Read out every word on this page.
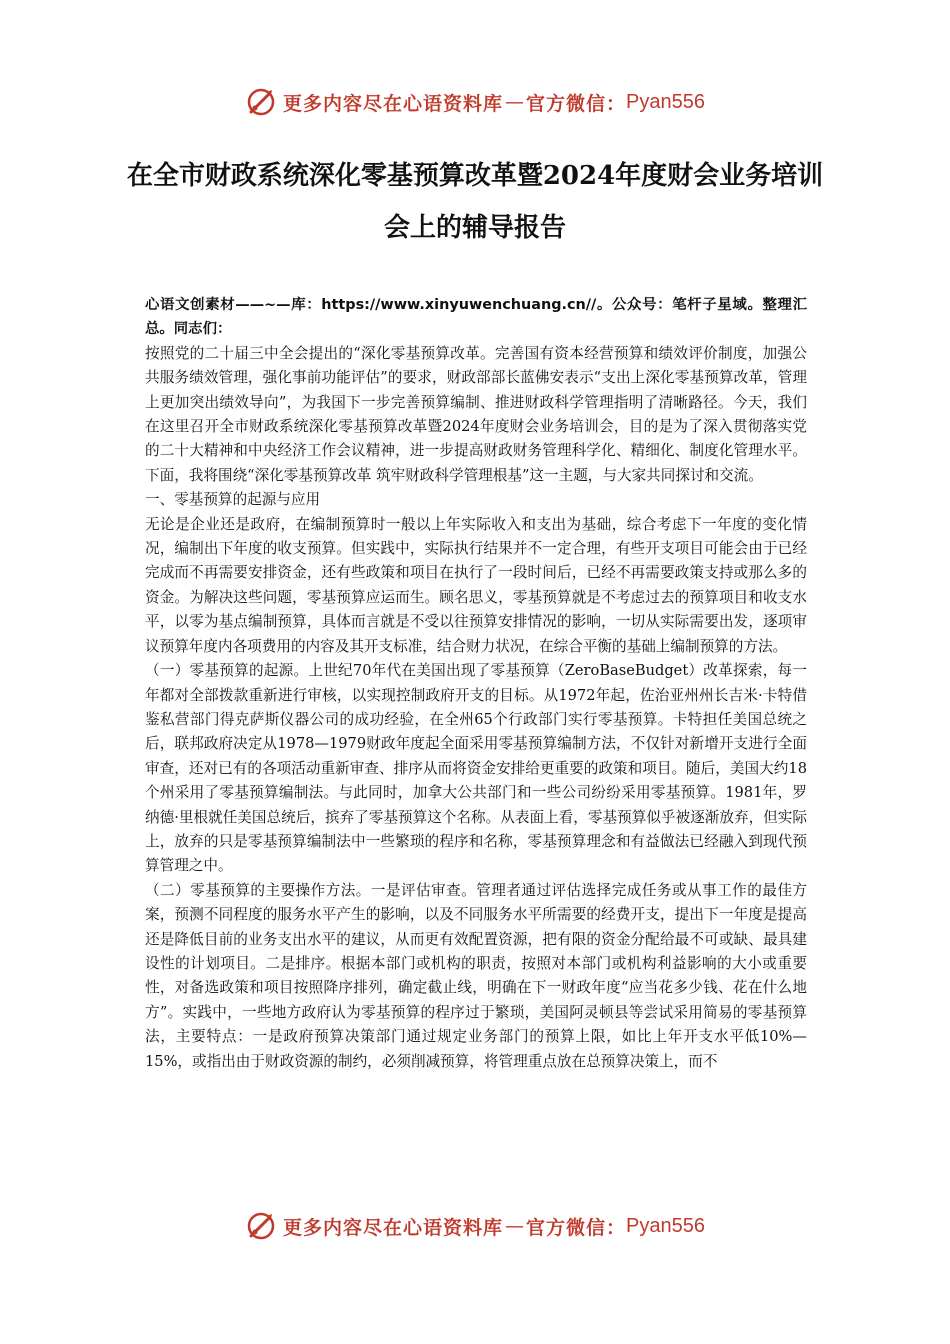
更多内容尽在心语资料库 — 官方微信： Pyan556
在全市财政系统深化零基预算改革暨2024年度财会业务培训会上的辅导报告

心语文创素材——~—库：https://www.xinyuwenchuang.cn//。公众号：笔杆子星域。整理汇总。同志们：

按照党的二十届三中全会提出的“深化零基预算改革。完善国有资本经营预算和绩效评价制度，加强公共服务绩效管理，强化事前功能评估”的要求，财政部部长蓝佛安表示“支出上深化零基预算改革，管理上更加突出绩效导向”，为我国下一步完善预算编制、推进财政科学管理指明了清晰路径。今天，我们在这里召开全市财政系统深化零基预算改革暨2024年度财会业务培训会，目的是为了深入贯彻落实党的二十大精神和中央经济工作会议精神，进一步提高财政财务管理科学化、精细化、制度化管理水平。下面，我将围绕“深化零基预算改革 筑牢财政科学管理根基”这一主题，与大家共同探讨和交流。

一、零基预算的起源与应用

无论是企业还是政府，在编制预算时一般以上年实际收入和支出为基础，综合考虑下一年度的变化情况，编制出下年度的收支预算。但实践中，实际执行结果并不一定合理，有些开支项目可能会由于已经完成而不再需要安排资金，还有些政策和项目在执行了一段时间后，已经不再需要政策支持或那么多的资金。为解决这些问题，零基预算应运而生。顾名思义，零基预算就是不考虑过去的预算项目和收支水平，以零为基点编制预算，具体而言就是不受以往预算安排情况的影响，一切从实际需要出发，逐项审议预算年度内各项费用的内容及其开支标准，结合财力状况，在综合平衡的基础上编制预算的方法。

（一）零基预算的起源。上世纪70年代在美国出现了零基预算（ZeroBaseBudget）改革探索，每一年都对全部拨款重新进行审核，以实现控制政府开支的目标。从1972年起，佐治亚州州长吉米·卡特借鉴私营部门得克萨斯仪器公司的成功经验，在全州65个行政部门实行零基预算。卡特担任美国总统之后，联邦政府决定从1978—1979财政年度起全面采用零基预算编制方法，不仅针对新增开支进行全面审查，还对已有的各项活动重新审查、排序从而将资金安排给更重要的政策和项目。随后，美国大约18个州采用了零基预算编制法。与此同时，加拿大公共部门和一些公司纷纷采用零基预算。1981年，罗纳德·里根就任美国总统后，摈弃了零基预算这个名称。从表面上看，零基预算似乎被逐渐放弃，但实际上，放弃的只是零基预算编制法中一些繁琐的程序和名称，零基预算理念和有益做法已经融入到现代预算管理之中。

（二）零基预算的主要操作方法。一是评估审查。管理者通过评估选择完成任务或从事工作的最佳方案，预测不同程度的服务水平产生的影响，以及不同服务水平所需要的经费开支，提出下一年度是提高还是降低目前的业务支出水平的建议，从而更有效配置资源，把有限的资金分配给最不可或缺、最具建设性的计划项目。二是排序。根据本部门或机构的职责，按照对本部门或机构利益影响的大小或重要性，对备选政策和项目按照降序排列，确定截止线，明确在下一财政年度“应当花多少钱、花在什么地方”。实践中，一些地方政府认为零基预算的程序过于繁琐，美国阿灵顿县等尝试采用简易的零基预算法，主要特点：一是政府预算决策部门通过规定业务部门的预算上限，如比上年开支水平低10%—15%，或指出由于财政资源的制约，必须削减预算，将管理重点放在总预算决策上，而不

更多内容尽在心语资料库 — 官方微信： Pyan556
